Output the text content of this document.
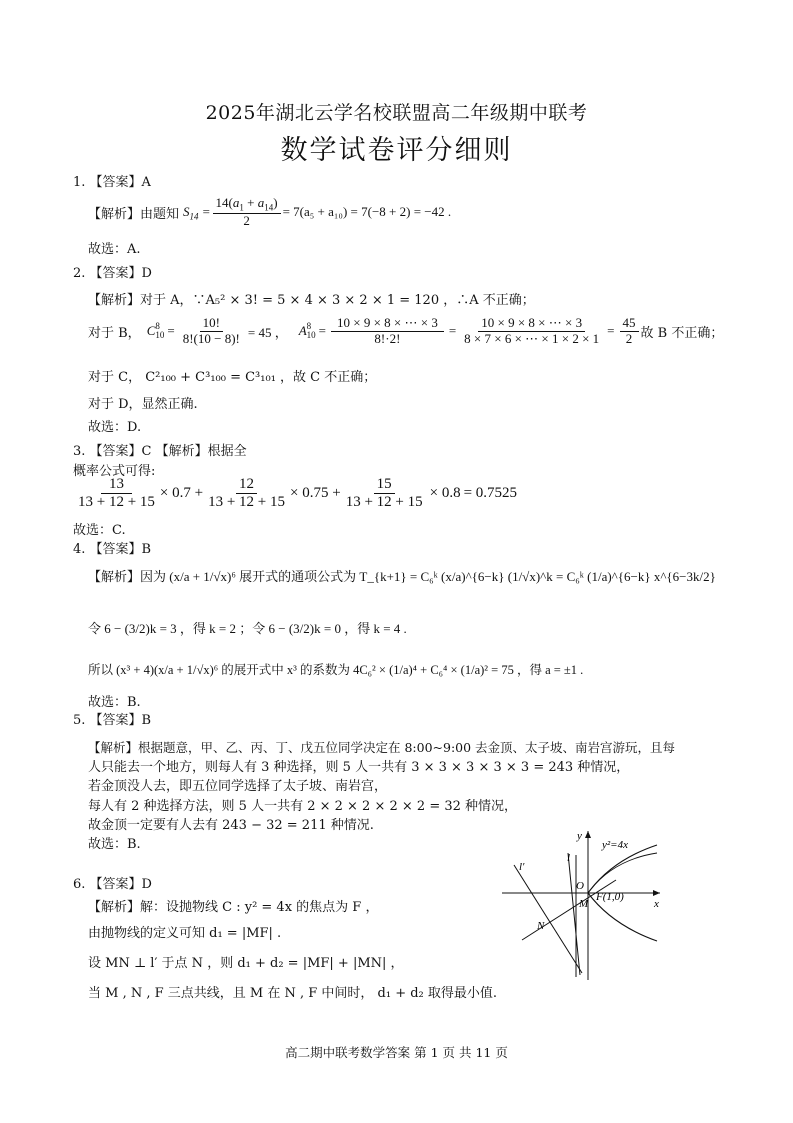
2025年湖北云学名校联盟高二年级期中联考
数学试卷评分细则
1. 【答案】A
【解析】由题知 $S_{14} = \frac{14(a_1 + a_{14})}{2} = 7(a_5 + a_{10}) = 7(-8 + 2) = -42$ .
故选：A.
2. 【答案】D
【解析】对于 A，∵A₅² × 3! = 5 × 4 × 3 × 2 × 1 = 120 ，∴A 不正确；
对于 B， C 8
$10 = \frac{10!}{8!(10 - 8)!} = 45$ ， A 8
$10 = \frac{10 \times 9 \times 8 \times \cdots \times 3}{8!\cdot 2!} = \frac{10 \times 9 \times 8 \times \cdots \times 3}{8 \times 7 \times 6 \times \cdots \times 1 \times 2 \times 1} = \frac{45}{2}$ 故 B 不正确；
对于 C， C²₁₀₀ + C³₁₀₀ = C³₁₀₁ ，故 C 不正确；
对于 D，显然正确.
故选：D.
3. 【答案】C 【解析】根据全
概率公式可得:
$\frac{13}{13 + 12 + 15} \times 0.7 + \frac{12}{13 + 12 + 15} \times 0.75 + \frac{15}{13 + 12 + 15} \times 0.8 = 0.7525$
故选：C.
4. 【答案】B
【解析】因为 (x/a + 1/√x)⁶ 展开式的通项公式为 T_{k+1} = C₆ᵏ (x/a)^{6−k} (1/√x)^k = C₆ᵏ (1/a)^{6−k} x^{6−3k/2}
令 6 − (3/2)k = 3 ，得 k = 2 ；令 6 − (3/2)k = 0 ，得 k = 4 .
所以 (x³ + 4)(x/a + 1/√x)⁶ 的展开式中 x³ 的系数为 4C₆² × (1/a)⁴ + C₆⁴ × (1/a)² = 75 ，得 a = ±1 .
故选：B.
5. 【答案】B
【解析】根据题意，甲、乙、丙、丁、戊五位同学决定在 8:00~9:00 去金顶、太子坡、南岩宫游玩，且每
人只能去一个地方，则每人有 3 种选择，则 5 人一共有 3 × 3 × 3 × 3 × 3 = 243 种情况，
若金顶没人去，即五位同学选择了太子坡、南岩宫，
每人有 2 种选择方法，则 5 人一共有 2 × 2 × 2 × 2 × 2 = 32 种情况，
故金顶一定要有人去有 243 − 32 = 211 种情况.
故选：B.
6. 【答案】D
【解析】解：设抛物线 C : y² = 4x 的焦点为 F ，
由抛物线的定义可知 d₁ = |MF| .
设 MN ⊥ l′ 于点 N ，则 d₁ + d₂ = |MF| + |MN| ，
当 M , N , F 三点共线，且 M 在 N , F 中间时， d₁ + d₂ 取得最小值.
y²=4x
y
x
l
l′
O
M
F(1,0)
N
高二期中联考数学答案 第 1 页 共 11 页
